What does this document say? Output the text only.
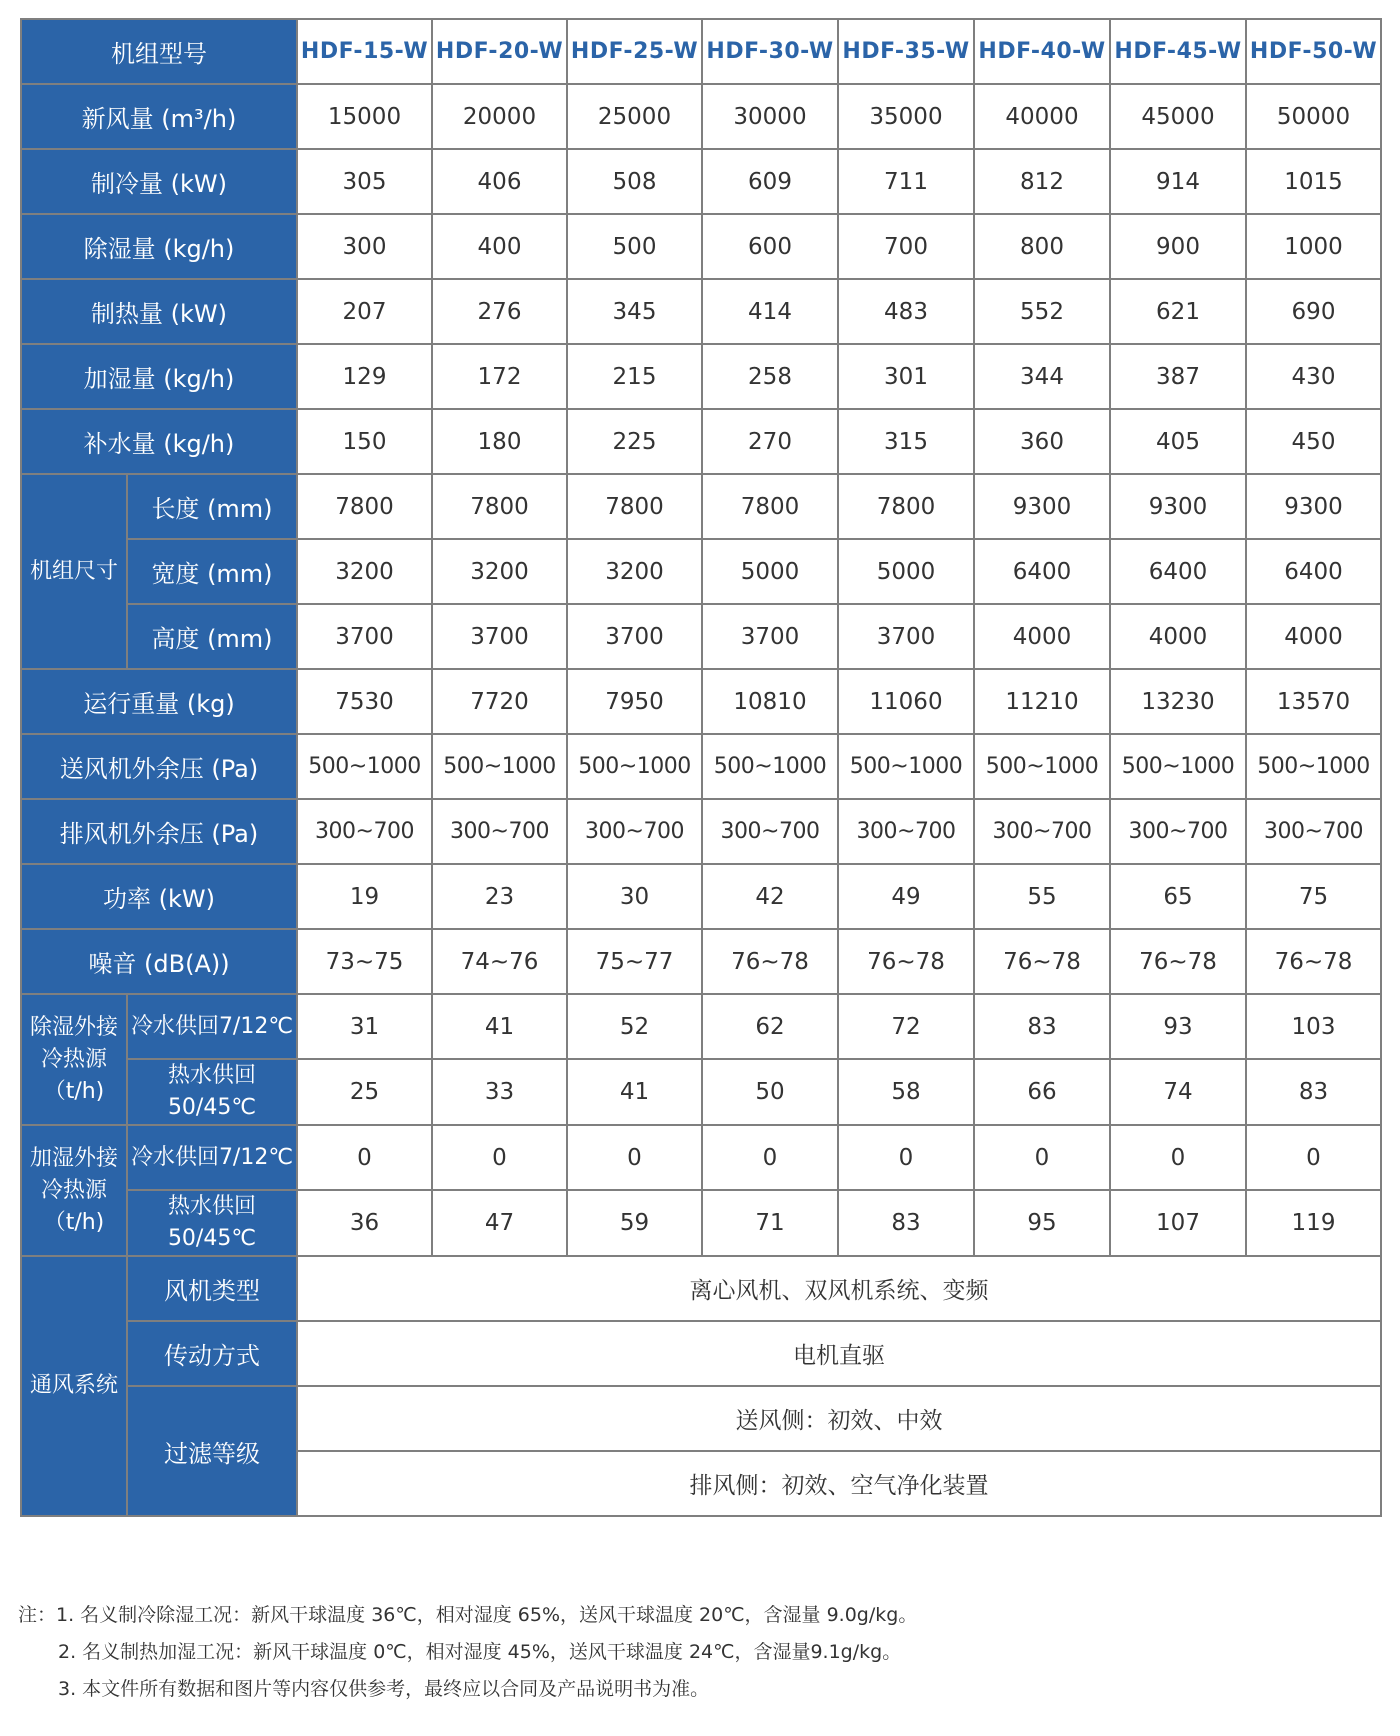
机组型号		HDF-15-W	HDF-20-W	HDF-25-W	HDF-30-W	HDF-35-W	HDF-40-W	HDF-45-W	HDF-50-W
新风量 (m³/h)		15000	20000	25000	30000	35000	40000	45000	50000
制冷量 (kW)		305	406	508	609	711	812	914	1015
除湿量 (kg/h)		300	400	500	600	700	800	900	1000
制热量 (kW)		207	276	345	414	483	552	621	690
加湿量 (kg/h)		129	172	215	258	301	344	387	430
补水量 (kg/h)		150	180	225	270	315	360	405	450
机组尺寸	长度 (mm)	7800	7800	7800	7800	7800	9300	9300	9300
	宽度 (mm)	3200	3200	3200	5000	5000	6400	6400	6400
	高度 (mm)	3700	3700	3700	3700	3700	4000	4000	4000
运行重量 (kg)		7530	7720	7950	10810	11060	11210	13230	13570
送风机外余压 (Pa)		500~1000	500~1000	500~1000	500~1000	500~1000	500~1000	500~1000	500~1000
排风机外余压 (Pa)		300~700	300~700	300~700	300~700	300~700	300~700	300~700	300~700
功率 (kW)		19	23	30	42	49	55	65	75
噪音 (dB(A))		73~75	74~76	75~77	76~78	76~78	76~78	76~78	76~78
除湿外接冷热源（t/h)	冷水供回7/12℃	31	41	52	62	72	83	93	103
	热水供回50/45℃	25	33	41	50	58	66	74	83
加湿外接冷热源（t/h)	冷水供回7/12℃	0	0	0	0	0	0	0	0
	热水供回50/45℃	36	47	59	71	83	95	107	119
通风系统	风机类型	离心风机、双风机系统、变频							
	传动方式	电机直驱							
	过滤等级	送风侧：初效、中效							
		排风侧：初效、空气净化装置							
注：1. 名义制冷除湿工况：新风干球温度 36℃，相对湿度 65%，送风干球温度 20℃，含湿量 9.0g/kg。
2. 名义制热加湿工况：新风干球温度 0℃，相对湿度 45%，送风干球温度 24℃，含湿量9.1g/kg。
3. 本文件所有数据和图片等内容仅供参考，最终应以合同及产品说明书为准。
